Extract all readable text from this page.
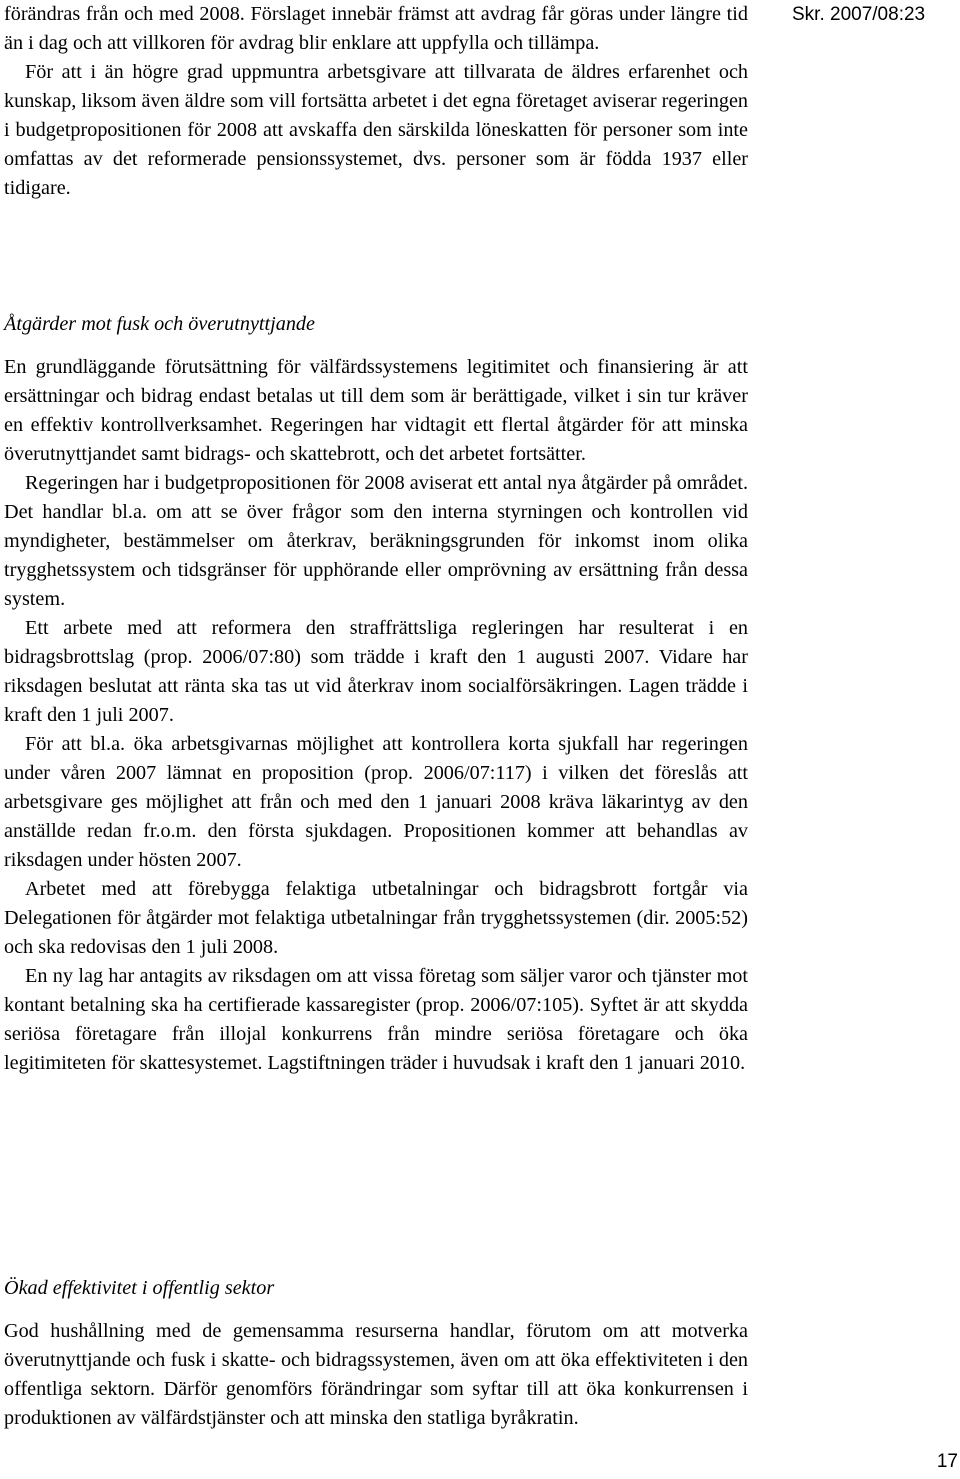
förändras från och med 2008. Förslaget innebär främst att avdrag får göras under längre tid än i dag och att villkoren för avdrag blir enklare att uppfylla och tillämpa.

För att i än högre grad uppmuntra arbetsgivare att tillvarata de äldres erfarenhet och kunskap, liksom även äldre som vill fortsätta arbetet i det egna företaget aviserar regeringen i budgetpropositionen för 2008 att avskaffa den särskilda löneskatten för personer som inte omfattas av det reformerade pensionssystemet, dvs. personer som är födda 1937 eller tidigare.

Åtgärder mot fusk och överutnyttjande

En grundläggande förutsättning för välfärdssystemens legitimitet och finansiering är att ersättningar och bidrag endast betalas ut till dem som är berättigade, vilket i sin tur kräver en effektiv kontrollverksamhet. Regeringen har vidtagit ett flertal åtgärder för att minska överutnyttjandet samt bidrags- och skattebrott, och det arbetet fortsätter.

Regeringen har i budgetpropositionen för 2008 aviserat ett antal nya åtgärder på området. Det handlar bl.a. om att se över frågor som den interna styrningen och kontrollen vid myndigheter, bestämmelser om återkrav, beräkningsgrunden för inkomst inom olika trygghetssystem och tidsgränser för upphörande eller omprövning av ersättning från dessa system.

Ett arbete med att reformera den straffrättsliga regleringen har resulterat i en bidragsbrottslag (prop. 2006/07:80) som trädde i kraft den 1 augusti 2007. Vidare har riksdagen beslutat att ränta ska tas ut vid återkrav inom socialförsäkringen. Lagen trädde i kraft den 1 juli 2007.

För att bl.a. öka arbetsgivarnas möjlighet att kontrollera korta sjukfall har regeringen under våren 2007 lämnat en proposition (prop. 2006/07:117) i vilken det föreslås att arbetsgivare ges möjlighet att från och med den 1 januari 2008 kräva läkarintyg av den anställde redan fr.o.m. den första sjukdagen. Propositionen kommer att behandlas av riksdagen under hösten 2007.

Arbetet med att förebygga felaktiga utbetalningar och bidragsbrott fortgår via Delegationen för åtgärder mot felaktiga utbetalningar från trygghetssystemen (dir. 2005:52) och ska redovisas den 1 juli 2008.

En ny lag har antagits av riksdagen om att vissa företag som säljer varor och tjänster mot kontant betalning ska ha certifierade kassaregister (prop. 2006/07:105). Syftet är att skydda seriösa företagare från illojal konkurrens från mindre seriösa företagare och öka legitimiteten för skattesystemet. Lagstiftningen träder i huvudsak i kraft den 1 januari 2010.

Ökad effektivitet i offentlig sektor

God hushållning med de gemensamma resurserna handlar, förutom om att motverka överutnyttjande och fusk i skatte- och bidragssystemen, även om att öka effektiviteten i den offentliga sektorn. Därför genomförs förändringar som syftar till att öka konkurrensen i produktionen av välfärdstjänster och att minska den statliga byråkratin.

Skr. 2007/08:23
17
